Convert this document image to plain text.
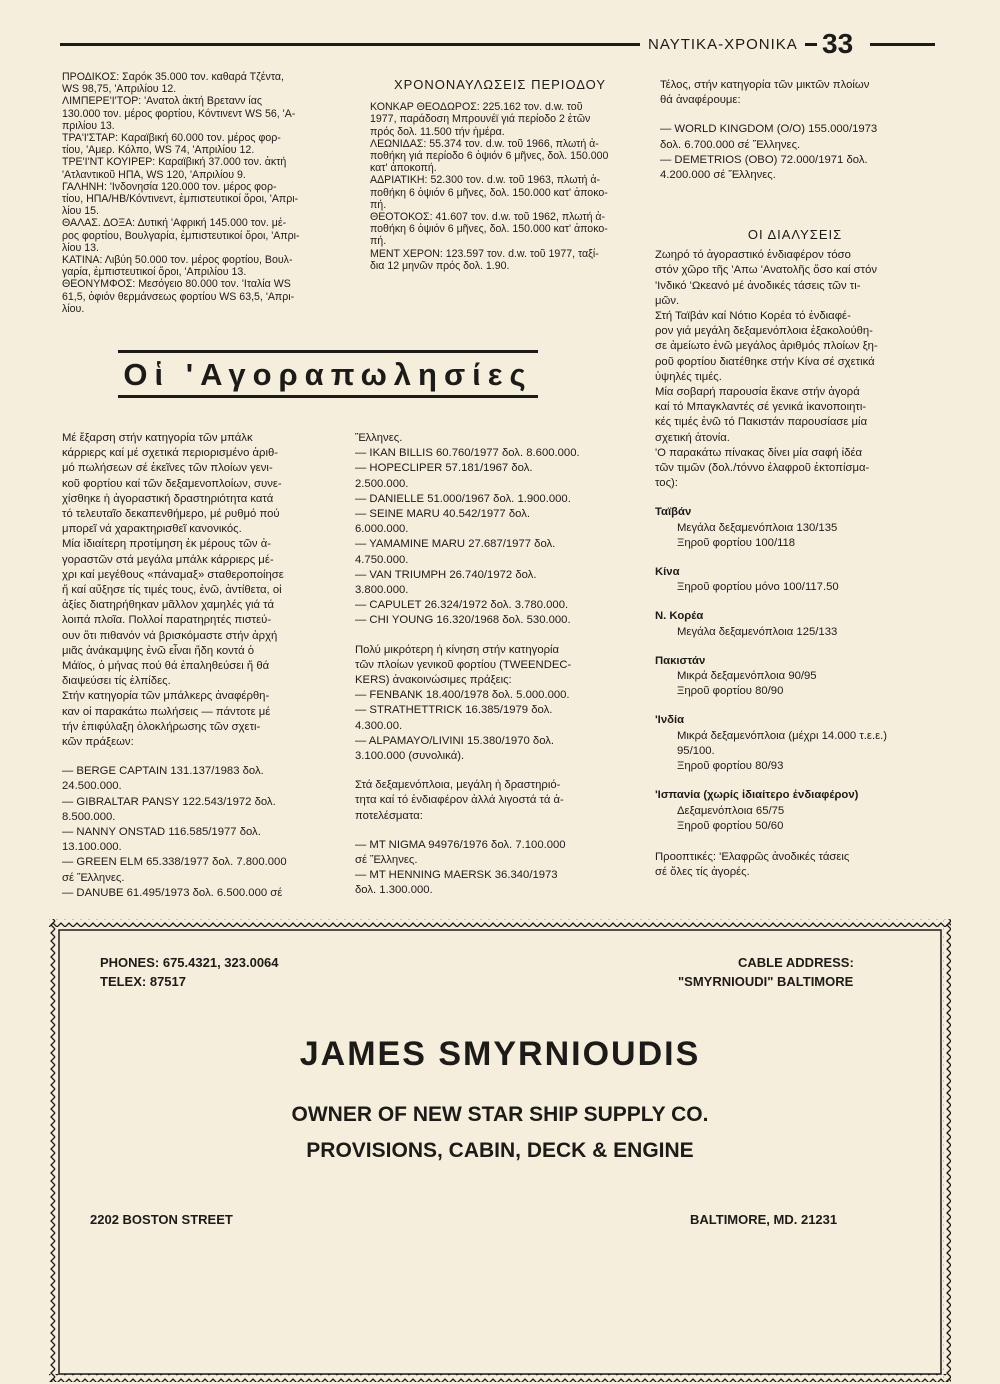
ΝΑΥΤΙΚΑ-ΧΡΟΝΙΚΑ 33

ΠΡΟΔΙΚΟΣ: Σαρόκ 35.000 τον. καθαρά Τζέντα,

WS 98,75, 'Απριλίου 12.

ΛΙΜΠΕΡΕ'Ι'ΤΟΡ: 'Ανατολ ἀκτή Βρετανν ίας

130.000 τον. μέρος φορτίου, Κόντινεντ WS 56, 'Α-

πριλίου 13.

ΤΡΑ'Ι'ΣΤΑΡ: Καραϊβική 60.000 τον. μέρος φορ-

τίου, 'Αμερ. Κόλπο, WS 74, 'Απριλίου 12.

ΤΡΕ'Ι'ΝΤ ΚΟΥΙΡΕΡ: Καραϊβική 37.000 τον. ἀκτή

'Ατλαντικοῦ ΗΠΑ, WS 120, 'Απριλίου 9.

ΓΑΛΗΝΗ: 'Ινδονησία 120.000 τον. μέρος φορ-

τίου, ΗΠΑ/ΗΒ/Κόντινεντ, ἐμπιστευτικοί ὅροι, 'Απρι-

λίου 15.

ΘΑΛΑΣ. ΔΟΞΑ: Δυτική 'Αφρική 145.000 τον. μέ-

ρος φορτίου, Βουλγαρία, ἐμπιστευτικοί ὅροι, 'Απρι-

λίου 13.

ΚΑΤΙΝΑ: Λιβύη 50.000 τον. μέρος φορτίου, Βουλ-

γαρία, ἐμπιστευτικοί ὅροι, 'Απριλίου 13.

ΘΕΟΝΥΜΦΟΣ: Μεσόγειο 80.000 τον. 'Ιταλία WS

61,5, ὀφιόν θερμάνσεως φορτίου WS 63,5, 'Απρι-

λίου.

ΧΡΟΝΟΝΑΥΛΩΣΕΙΣ ΠΕΡΙΟΔΟΥ

ΚΟΝΚΑΡ ΘΕΟΔΩΡΟΣ: 225.162 τον. d.w. τοῦ

1977, παράδοση Μπρουνέϊ γιά περίοδο 2 ἐτῶν

πρός δολ. 11.500 τήν ἡμέρα.

ΛΕΩΝΙΔΑΣ: 55.374 τον. d.w. τοῦ 1966, πλωτή ἀ-

ποθήκη γιά περίοδο 6 ὀψιόν 6 μῆνες, δολ. 150.000

κατ' ἀποκοπή.

ΑΔΡΙΑΤΙΚΗ: 52.300 τον. d.w. τοῦ 1963, πλωτή ἀ-

ποθήκη 6 ὀψιόν 6 μῆνες, δολ. 150.000 κατ' ἀποκο-

πή.

ΘΕΟΤΟΚΟΣ: 41.607 τον. d.w. τοῦ 1962, πλωτή ἀ-

ποθήκη 6 ὀψιόν 6 μῆνες, δολ. 150.000 κατ' ἀποκο-

πή.

ΜΕΝΤ ΧΕΡΟΝ: 123.597 τον. d.w. τοῦ 1977, ταξί-

δια 12 μηνῶν πρός δολ. 1.90.

Τέλος, στήν κατηγορία τῶν μικτῶν πλοίων

θά ἀναφέρουμε:

— WORLD KINGDOM (O/O) 155.000/1973

δολ. 6.700.000 σέ Ἕλληνες.

— DEMETRIOS (OBO) 72.000/1971 δολ.

4.200.000 σέ Ἕλληνες.

Οἱ 'Αγοραπωλησίες

Μέ ἔξαρση στήν κατηγορία τῶν μπάλκ

κάρριερς καί μέ σχετικά περιορισμένο ἀριθ-

μό πωλήσεων σέ ἐκεῖνες τῶν πλοίων γενι-

κοῦ φορτίου καί τῶν δεξαμενοπλοίων, συνε-

χίσθηκε ἡ ἀγοραστική δραστηριότητα κατά

τό τελευταῖο δεκαπενθήμερο, μέ ρυθμό πού

μπορεῖ νά χαρακτηρισθεῖ κανονικός.

Μία ἰδιαίτερη προτίμηση ἐκ μέρους τῶν ἀ-

γοραστῶν στά μεγάλα μπάλκ κάρριερς μέ-

χρι καί μεγέθους «πάναμαξ» σταθεροποίησε

ἤ καί αὔξησε τίς τιμές τους, ἐνῶ, ἀντίθετα, οἱ

ἀξίες διατηρήθηκαν μᾶλλον χαμηλές γιά τά

λοιπά πλοῖα. Πολλοί παρατηρητές πιστεύ-

ουν ὅτι πιθανόν νά βρισκόμαστε στήν ἀρχή

μιᾶς ἀνάκαμψης ἐνῶ εἶναι ἤδη κοντά ὁ

Μάϊος, ὁ μήνας πού θά ἐπαληθεύσει ἤ θά

διαψεύσει τίς ἐλπίδες.

Στήν κατηγορία τῶν μπάλκερς ἀναφέρθη-

καν οἱ παρακάτω πωλήσεις — πάντοτε μέ

τήν ἐπιφύλαξη ὁλοκλήρωσης τῶν σχετι-

κῶν πράξεων:

— BERGE CAPTAIN 131.137/1983 δολ.

24.500.000.

— GIBRALTAR PANSY 122.543/1972 δολ.

8.500.000.

— NANNY ONSTAD 116.585/1977 δολ.

13.100.000.

— GREEN ELM 65.338/1977 δολ. 7.800.000

σέ Ἕλληνες.

— DANUBE 61.495/1973 δολ. 6.500.000 σέ

Ἕλληνες.

— IKAN BILLIS 60.760/1977 δολ. 8.600.000.

— HOPECLIPER 57.181/1967 δολ.

2.500.000.

— DANIELLE 51.000/1967 δολ. 1.900.000.

— SEINE MARU 40.542/1977 δολ.

6.000.000.

— YAMAMINE MARU 27.687/1977 δολ.

4.750.000.

— VAN TRIUMPH 26.740/1972 δολ.

3.800.000.

— CAPULET 26.324/1972 δολ. 3.780.000.

— CHI YOUNG 16.320/1968 δολ. 530.000.

Πολύ μικρότερη ἡ κίνηση στήν κατηγορία

τῶν πλοίων γενικοῦ φορτίου (TWEENDEC-

KERS) ἀνακοινώσιμες πράξεις:

— FENBANK 18.400/1978 δολ. 5.000.000.

— STRATHETTRICK 16.385/1979 δολ.

4.300.00.

— ALPAMAYO/LIVINI 15.380/1970 δολ.

3.100.000 (συνολικά).

Στά δεξαμενόπλοια, μεγάλη ἡ δραστηριό-

τητα καί τό ἐνδιαφέρον ἀλλά λιγοστά τά ἀ-

ποτελέσματα:

— MT NIGMA 94976/1976 δολ. 7.100.000

σέ Ἕλληνες.

— MT HENNING MAERSK 36.340/1973

δολ. 1.300.000.

ΟΙ ΔΙΑΛΥΣΕΙΣ

Ζωηρό τό ἀγοραστικό ἐνδιαφέρον τόσο

στόν χῶρο τῆς 'Απω 'Ανατολῆς ὅσο καί στόν

'Ινδικό 'Ωκεανό μέ ἀνοδικές τάσεις τῶν τι-

μῶν.

Στή Ταϊβάν καί Νότιο Κορέα τό ἐνδιαφέ-

ρον γιά μεγάλη δεξαμενόπλοια ἐξακολούθη-

σε ἀμείωτο ἐνῶ μεγάλος ἀριθμός πλοίων ξη-

ροῦ φορτίου διατέθηκε στήν Κίνα σέ σχετικά

ὑψηλές τιμές.

Μία σοβαρή παρουσία ἔκανε στήν ἀγορά

καί τό Μπαγκλαντές σέ γενικά ἱκανοποιητι-

κές τιμές ἐνῶ τό Πακιστάν παρουσίασε μία

σχετική ἀτονία.

'Ο παρακάτω πίνακας δίνει μία σαφή ἰδέα

τῶν τιμῶν (δολ./τόννο ἐλαφροῦ ἐκτοπίσμα-

τος):

Ταϊβάν
Μεγάλα δεξαμενόπλοια 130/135
Ξηροῦ φορτίου 100/118
Κίνα
Ξηροῦ φορτίου μόνο 100/117.50
Ν. Κορέα
Μεγάλα δεξαμενόπλοια 125/133
Πακιστάν
Μικρά δεξαμενόπλοια 90/95
Ξηροῦ φορτίου 80/90
'Ινδία
Μικρά δεξαμενόπλοια (μέχρι 14.000 τ.ε.ε.)
95/100.
Ξηροῦ φορτίου 80/93
'Ισπανία (χωρίς ἰδιαίτερο ἐνδιαφέρον)
Δεξαμενόπλοια 65/75
Ξηροῦ φορτίου 50/60

Προοπτικές: 'Ελαφρῶς ἀνοδικές τάσεις

σέ ὅλες τίς ἀγορές.

PHONES: 675.4321, 323.0064
TELEX: 87517
CABLE ADDRESS:
"SMYRNIOUDI" BALTIMORE
JAMES SMYRNIOUDIS
OWNER OF NEW STAR SHIP SUPPLY CO.
PROVISIONS, CABIN, DECK & ENGINE
2202 BOSTON STREET	BALTIMORE, MD. 21231
